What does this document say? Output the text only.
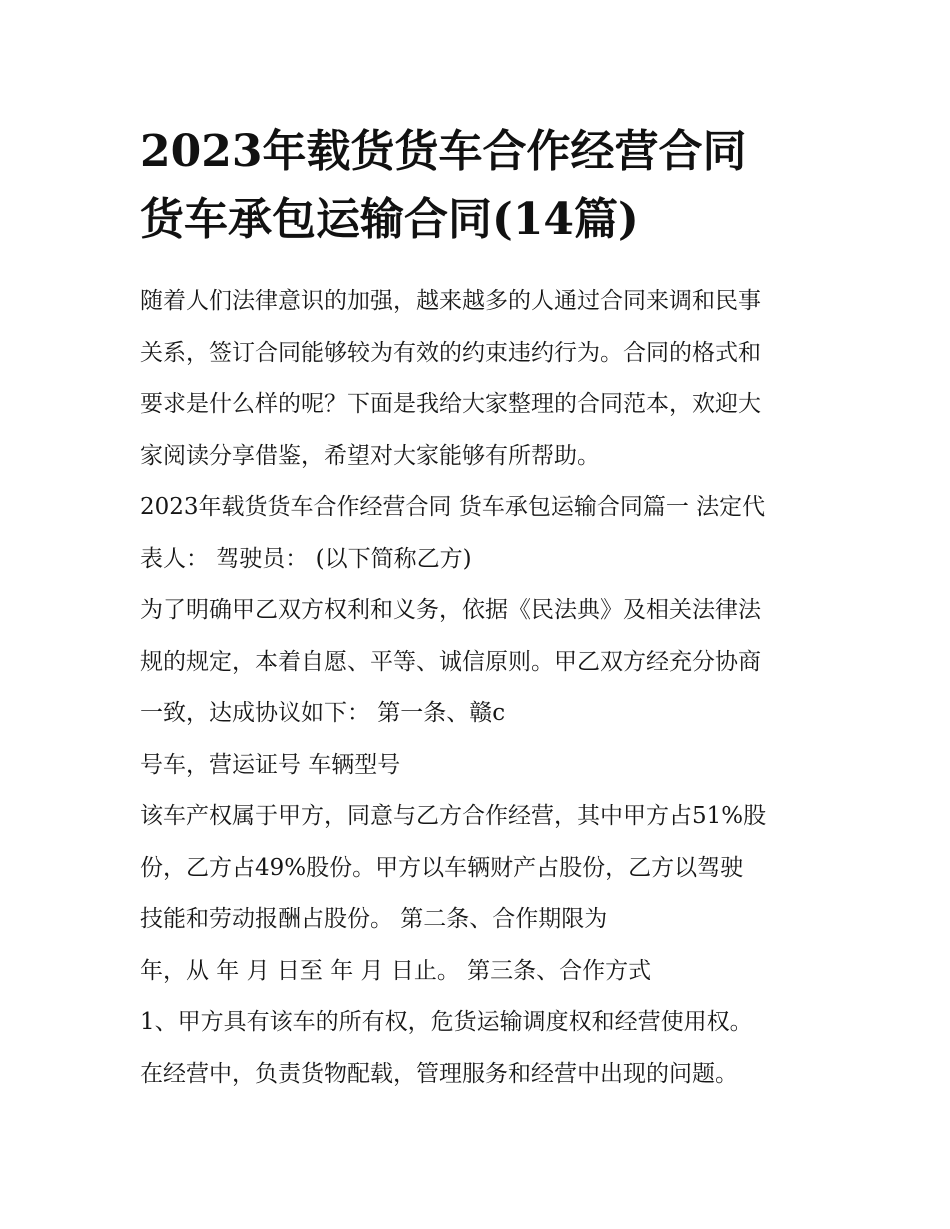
2023年载货货车合作经营合同
货车承包运输合同(14篇)

随着人们法律意识的加强，越来越多的人通过合同来调和民事

关系，签订合同能够较为有效的约束违约行为。合同的格式和

要求是什么样的呢？下面是我给大家整理的合同范本，欢迎大

家阅读分享借鉴，希望对大家能够有所帮助。

2023年载货货车合作经营合同 货车承包运输合同篇一 法定代

表人： 驾驶员： (以下简称乙方)

为了明确甲乙双方权利和义务，依据《民法典》及相关法律法

规的规定，本着自愿、平等、诚信原则。甲乙双方经充分协商

一致，达成协议如下： 第一条、赣c

号车，营运证号 车辆型号

该车产权属于甲方，同意与乙方合作经营，其中甲方占51%股

份，乙方占49%股份。甲方以车辆财产占股份，乙方以驾驶

技能和劳动报酬占股份。 第二条、合作期限为

年，从 年 月 日至 年 月 日止。 第三条、合作方式

1、甲方具有该车的所有权，危货运输调度权和经营使用权。

在经营中，负责货物配载，管理服务和经营中出现的问题。
